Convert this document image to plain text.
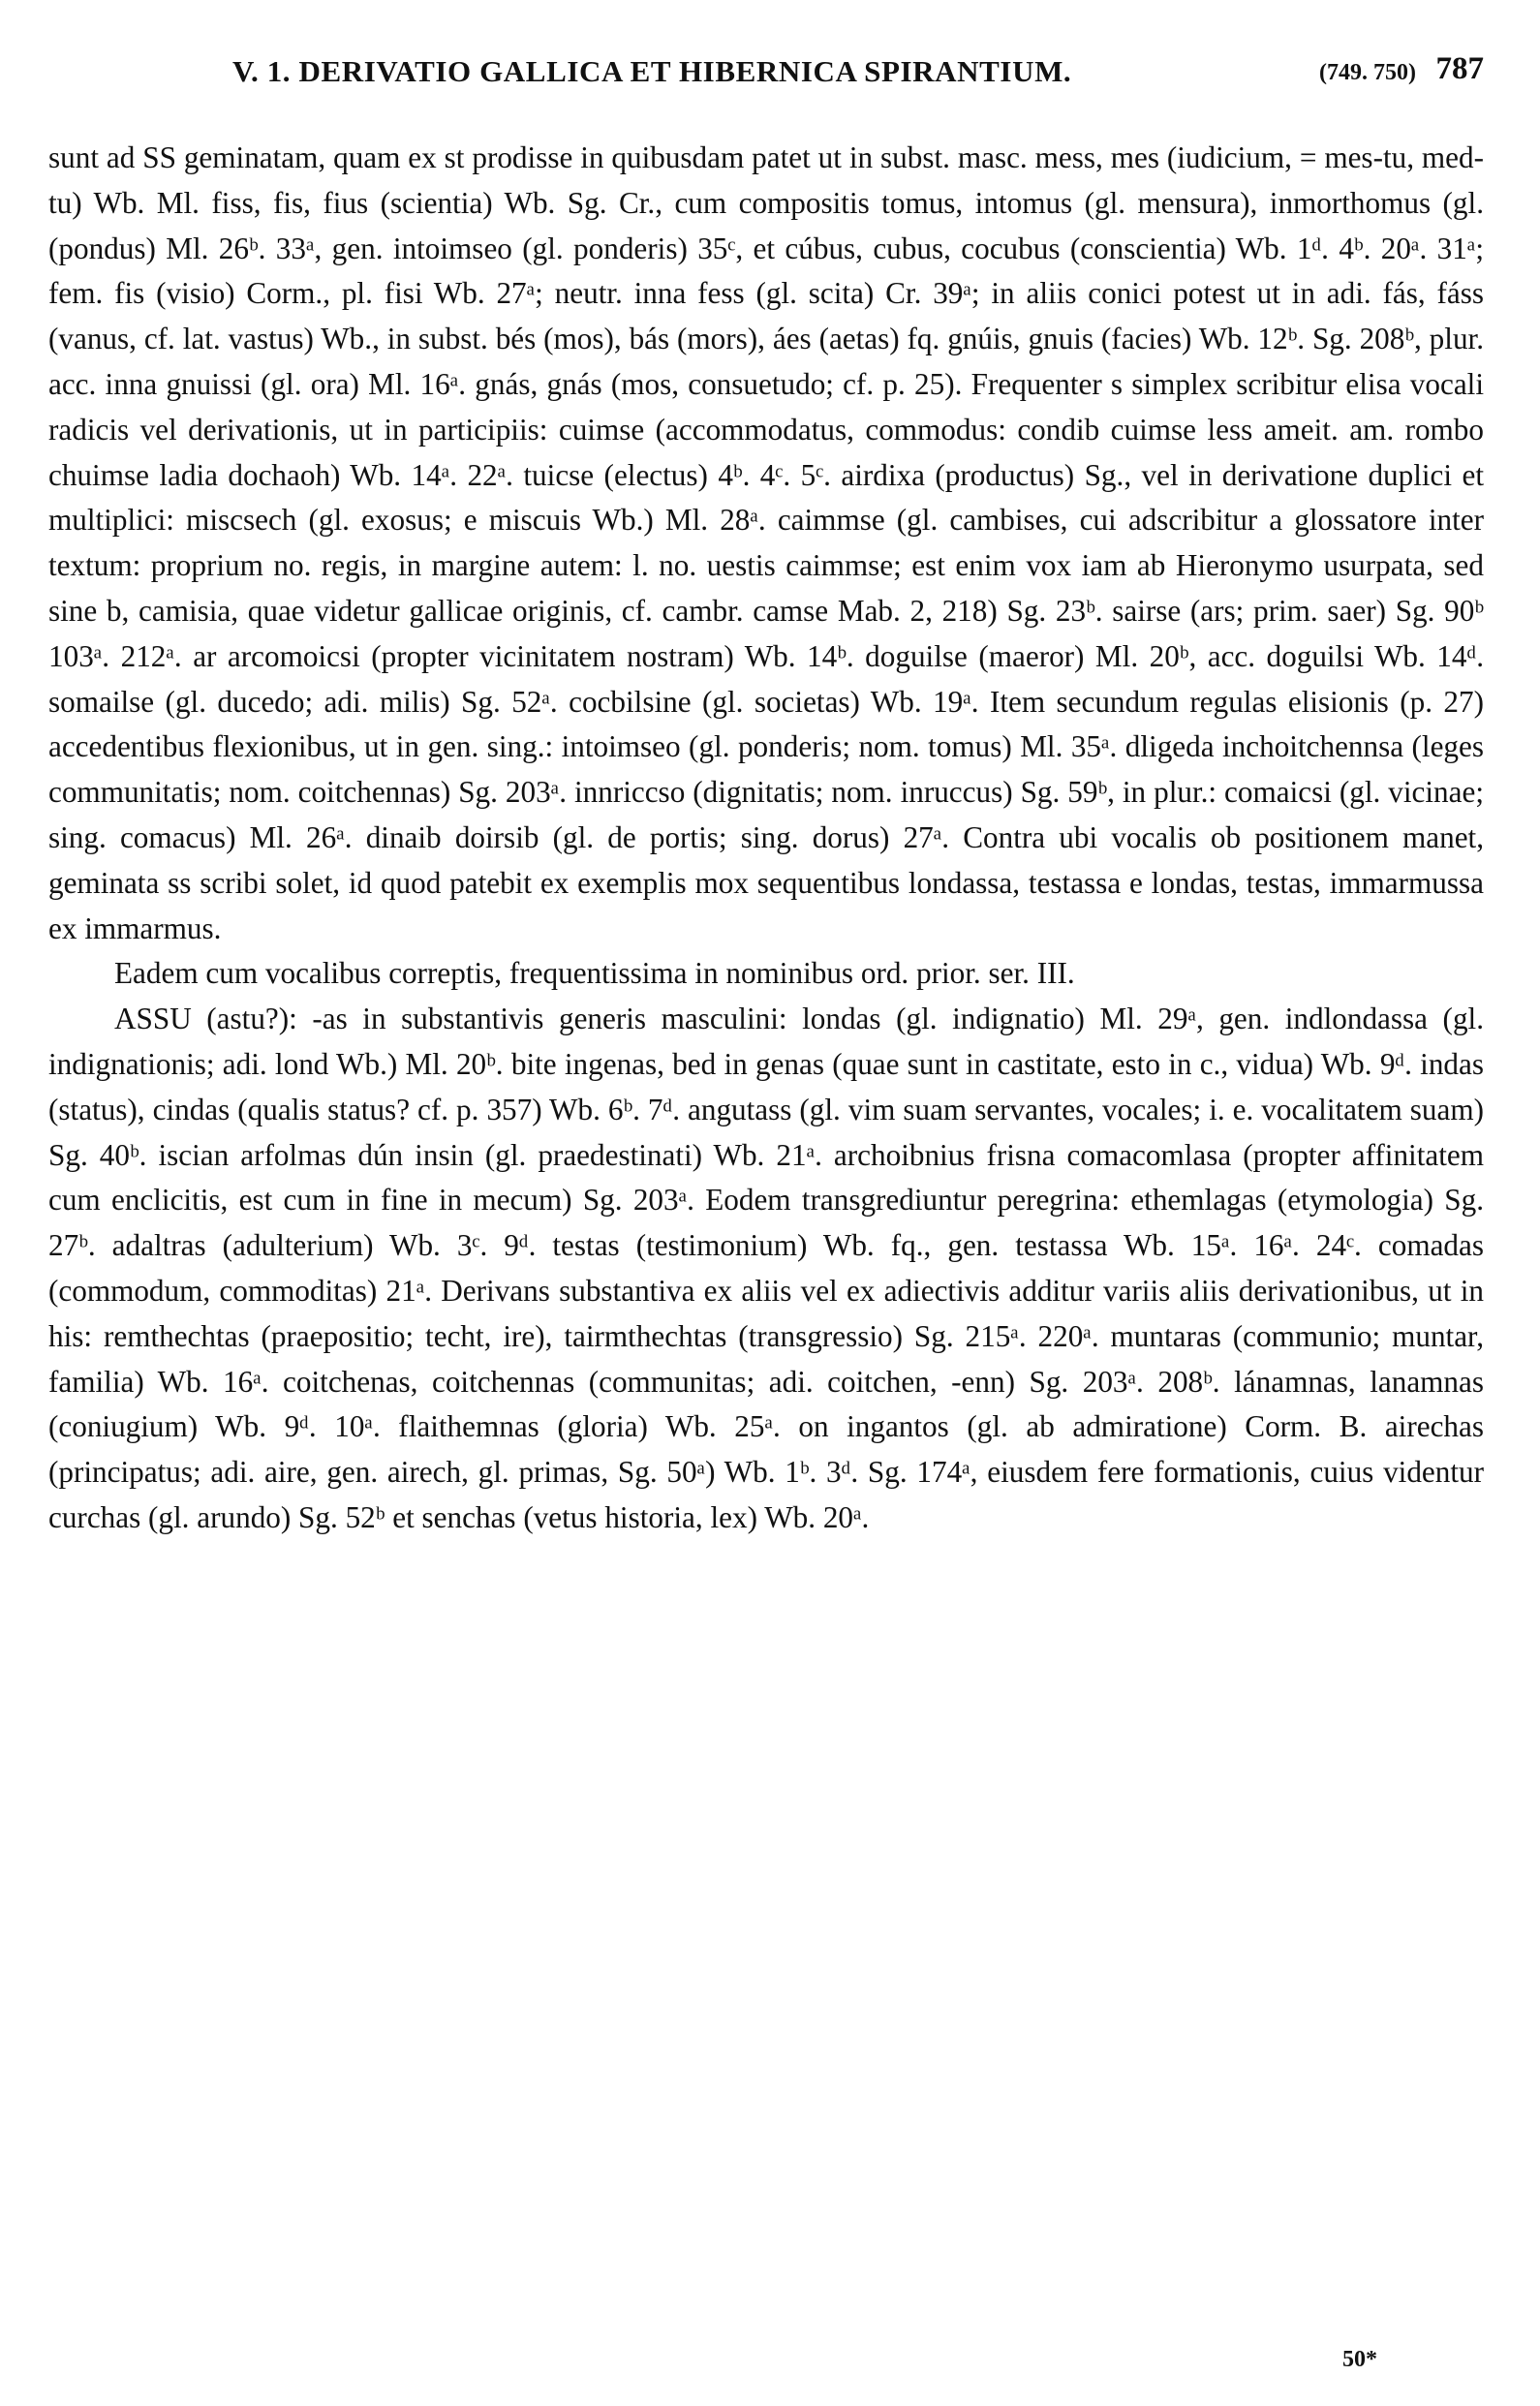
V. 1. DERIVATIO GALLICA ET HIBERNICA SPIRANTIUM.	(749. 750) 787

sunt ad SS geminatam, quam ex st prodisse in quibusdam patet ut in subst. masc. mess, mes (iudicium, = mes-tu, med-tu) Wb. Ml. fiss, fis, fius (scientia) Wb. Sg. Cr., cum compositis tomus, intomus (gl. mensura), inmorthomus (gl. (pondus) Ml. 26ᵇ. 33ᵃ, gen. intoimseo (gl. ponderis) 35ᶜ, et cúbus, cubus, cocubus (conscientia) Wb. 1ᵈ. 4ᵇ. 20ᵃ. 31ᵃ; fem. fis (visio) Corm., pl. fisi Wb. 27ᵃ; neutr. inna fess (gl. scita) Cr. 39ᵃ; in aliis conici potest ut in adi. fás, fáss (vanus, cf. lat. vastus) Wb., in subst. bés (mos), bás (mors), áes (aetas) fq. gnúis, gnuis (facies) Wb. 12ᵇ. Sg. 208ᵇ, plur. acc. inna gnuissi (gl. ora) Ml. 16ᵃ. gnás, gnás (mos, consuetudo; cf. p. 25). Frequenter s simplex scribitur elisa vocali radicis vel derivationis, ut in participiis: cuimse (accommodatus, commodus: condib cuimse less ameit. am. rombo chuimse ladia dochaoh) Wb. 14ᵃ. 22ᵃ. tuicse (electus) 4ᵇ. 4ᶜ. 5ᶜ. airdixa (productus) Sg., vel in derivatione duplici et multiplici: miscsech (gl. exosus; e miscuis Wb.) Ml. 28ᵃ. caimmse (gl. cambises, cui adscribitur a glossatore inter textum: proprium no. regis, in margine autem: l. no. uestis caimmse; est enim vox iam ab Hieronymo usurpata, sed sine b, camisia, quae videtur gallicae originis, cf. cambr. camse Mab. 2, 218) Sg. 23ᵇ. sairse (ars; prim. saer) Sg. 90ᵇ 103ᵃ. 212ᵃ. ar arcomoicsi (propter vicinitatem nostram) Wb. 14ᵇ. doguilse (maeror) Ml. 20ᵇ, acc. doguilsi Wb. 14ᵈ. somailse (gl. ducedo; adi. milis) Sg. 52ᵃ. cocbilsine (gl. societas) Wb. 19ᵃ. Item secundum regulas elisionis (p. 27) accedentibus flexionibus, ut in gen. sing.: intoimseo (gl. ponderis; nom. tomus) Ml. 35ᵃ. dligeda inchoitchennsa (leges communitatis; nom. coitchennas) Sg. 203ᵃ. innriccso (dignitatis; nom. inruccus) Sg. 59ᵇ, in plur.: comaicsi (gl. vicinae; sing. comacus) Ml. 26ᵃ. dinaib doirsib (gl. de portis; sing. dorus) 27ᵃ. Contra ubi vocalis ob positionem manet, geminata ss scribi solet, id quod patebit ex exemplis mox sequentibus londassa, testassa e londas, testas, immarmussa ex immarmus.

Eadem cum vocalibus correptis, frequentissima in nominibus ord. prior. ser. III.

ASSU (astu?): -as in substantivis generis masculini: londas (gl. indignatio) Ml. 29ᵃ, gen. indlondassa (gl. indignationis; adi. lond Wb.) Ml. 20ᵇ. bite ingenas, bed in genas (quae sunt in castitate, esto in c., vidua) Wb. 9ᵈ. indas (status), cindas (qualis status? cf. p. 357) Wb. 6ᵇ. 7ᵈ. angutass (gl. vim suam servantes, vocales; i. e. vocalitatem suam) Sg. 40ᵇ. iscian arfolmas dún insin (gl. praedestinati) Wb. 21ᵃ. archoibnius frisna comacomlasa (propter affinitatem cum enclicitis, est cum in fine in mecum) Sg. 203ᵃ. Eodem transgrediuntur peregrina: ethemlagas (etymologia) Sg. 27ᵇ. adaltras (adulterium) Wb. 3ᶜ. 9ᵈ. testas (testimonium) Wb. fq., gen. testassa Wb. 15ᵃ. 16ᵃ. 24ᶜ. comadas (commodum, commoditas) 21ᵃ. Derivans substantiva ex aliis vel ex adiectivis additur variis aliis derivationibus, ut in his: remthechtas (praepositio; techt, ire), tairmthechtas (transgressio) Sg. 215ᵃ. 220ᵃ. muntaras (communio; muntar, familia) Wb. 16ᵃ. coitchenas, coitchennas (communitas; adi. coitchen, -enn) Sg. 203ᵃ. 208ᵇ. lánamnas, lanamnas (coniugium) Wb. 9ᵈ. 10ᵃ. flaithemnas (gloria) Wb. 25ᵃ. on ingantos (gl. ab admiratione) Corm. B. airechas (principatus; adi. aire, gen. airech, gl. primas, Sg. 50ᵃ) Wb. 1ᵇ. 3ᵈ. Sg. 174ᵃ, eiusdem fere formationis, cuius videntur curchas (gl. arundo) Sg. 52ᵇ et senchas (vetus historia, lex) Wb. 20ᵃ.

50*
